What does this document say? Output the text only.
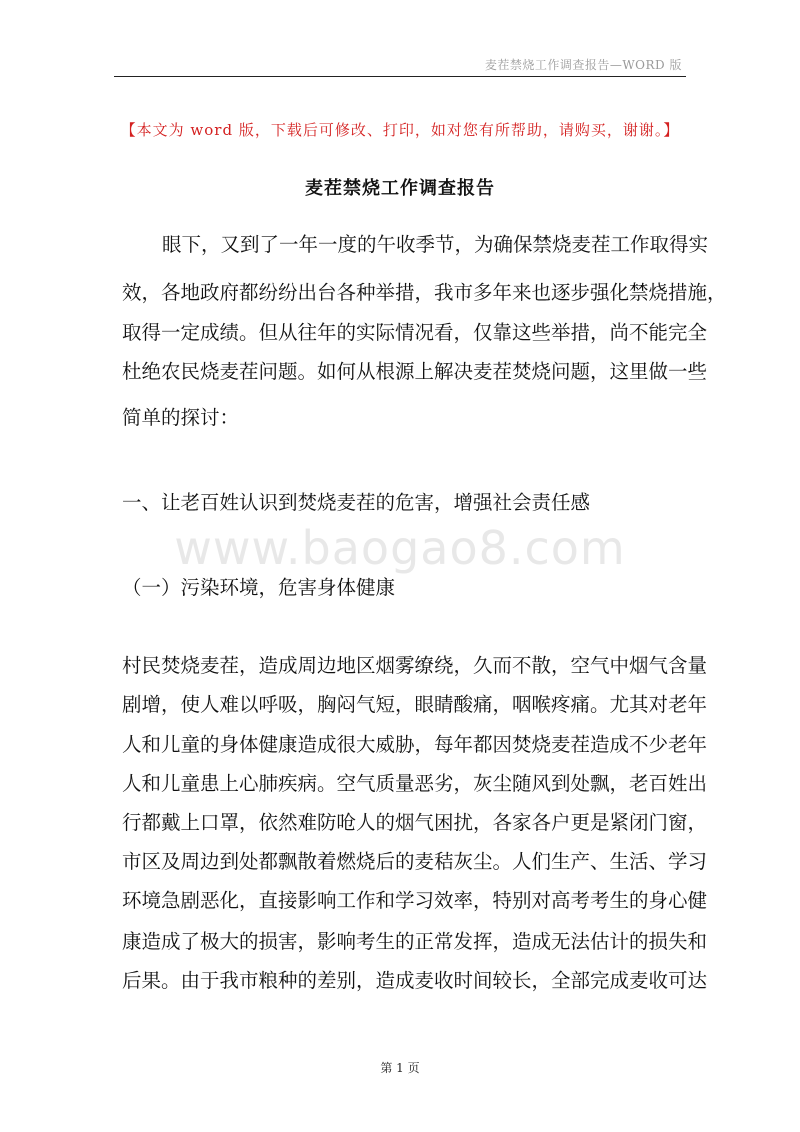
麦茬禁烧工作调查报告—WORD 版
【本文为 word 版，下载后可修改、打印，如对您有所帮助，请购买，谢谢。】
麦茬禁烧工作调查报告
眼下，又到了一年一度的午收季节，为确保禁烧麦茬工作取得实
效，各地政府都纷纷出台各种举措，我市多年来也逐步强化禁烧措施，
取得一定成绩。但从往年的实际情况看，仅靠这些举措，尚不能完全
杜绝农民烧麦茬问题。如何从根源上解决麦茬焚烧问题，这里做一些
简单的探讨：
一、让老百姓认识到焚烧麦茬的危害，增强社会责任感
www.baogao8.com
（一）污染环境，危害身体健康
村民焚烧麦茬，造成周边地区烟雾缭绕，久而不散，空气中烟气含量
剧增，使人难以呼吸，胸闷气短，眼睛酸痛，咽喉疼痛。尤其对老年
人和儿童的身体健康造成很大威胁，每年都因焚烧麦茬造成不少老年
人和儿童患上心肺疾病。空气质量恶劣，灰尘随风到处飘，老百姓出
行都戴上口罩，依然难防呛人的烟气困扰，各家各户更是紧闭门窗，
市区及周边到处都飘散着燃烧后的麦秸灰尘。人们生产、生活、学习
环境急剧恶化，直接影响工作和学习效率，特别对高考考生的身心健
康造成了极大的损害，影响考生的正常发挥，造成无法估计的损失和
后果。由于我市粮种的差别，造成麦收时间较长，全部完成麦收可达
第 1 页
